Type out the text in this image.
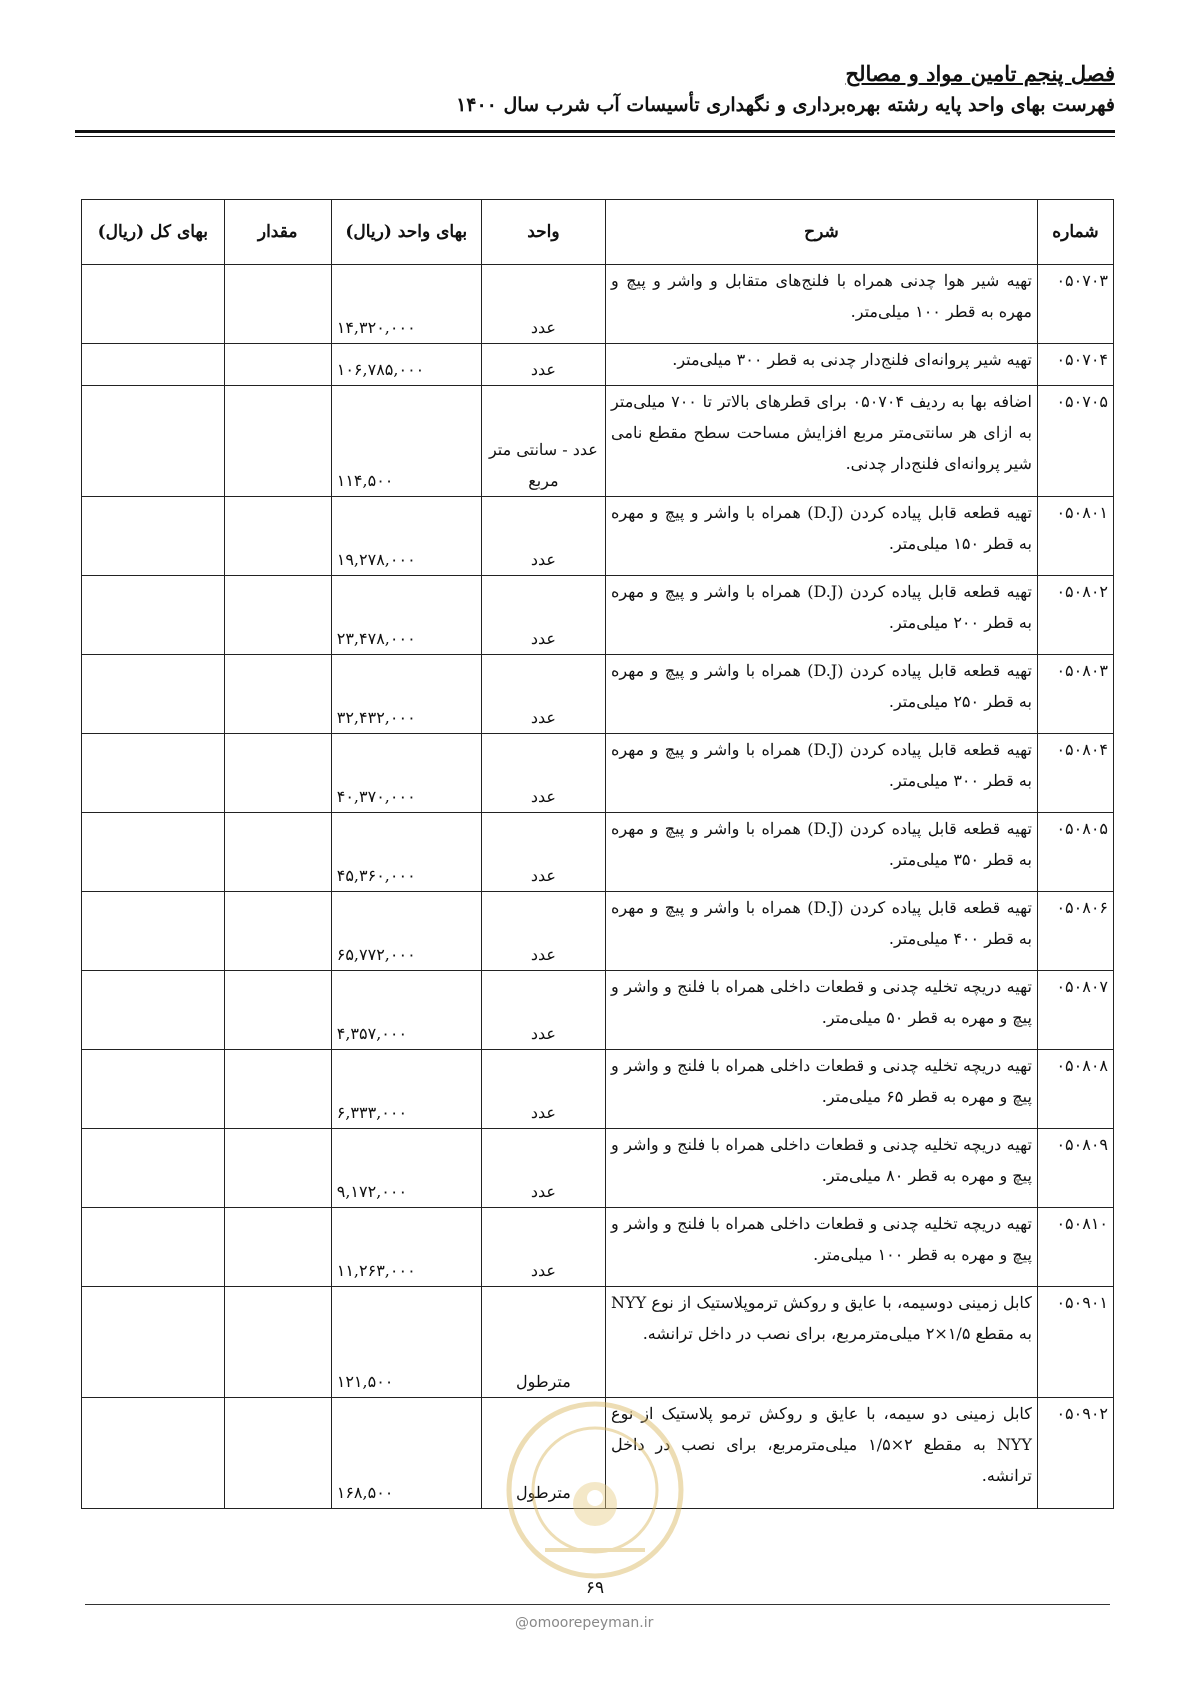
فصل پنجم تامین مواد و مصالح
فهرست بهای واحد پایه رشته بهره‌برداری و نگهداری تأسیسات آب شرب سال ۱۴۰۰
شماره	شرح	واحد	بهای واحد (ریال)	مقدار	بهای کل (ریال)
۰۵۰۷۰۳	تهیه شیر هوا چدنی همراه با فلنج‌های متقابل و واشر و پیچ و مهره به قطر ۱۰۰ میلی‌متر.	عدد	۱۴,۳۲۰,۰۰۰		
۰۵۰۷۰۴	تهیه شیر پروانه‌ای فلنج‌دار چدنی به قطر ۳۰۰ میلی‌متر.	عدد	۱۰۶,۷۸۵,۰۰۰		
۰۵۰۷۰۵	اضافه بها به ردیف ۰۵۰۷۰۴ برای قطرهای بالاتر تا ۷۰۰ میلی‌متر به ازای هر سانتی‌متر مربع افزایش مساحت سطح مقطع نامی شیر پروانه‌ای فلنج‌دار چدنی.	عدد - سانتی متر مربع	۱۱۴,۵۰۰		
۰۵۰۸۰۱	تهیه قطعه قابل پیاده کردن (D.J) همراه با واشر و پیچ و مهره به قطر ۱۵۰ میلی‌متر.	عدد	۱۹,۲۷۸,۰۰۰		
۰۵۰۸۰۲	تهیه قطعه قابل پیاده کردن (D.J) همراه با واشر و پیچ و مهره به قطر ۲۰۰ میلی‌متر.	عدد	۲۳,۴۷۸,۰۰۰		
۰۵۰۸۰۳	تهیه قطعه قابل پیاده کردن (D.J) همراه با واشر و پیچ و مهره به قطر ۲۵۰ میلی‌متر.	عدد	۳۲,۴۳۲,۰۰۰		
۰۵۰۸۰۴	تهیه قطعه قابل پیاده کردن (D.J) همراه با واشر و پیچ و مهره به قطر ۳۰۰ میلی‌متر.	عدد	۴۰,۳۷۰,۰۰۰		
۰۵۰۸۰۵	تهیه قطعه قابل پیاده کردن (D.J) همراه با واشر و پیچ و مهره به قطر ۳۵۰ میلی‌متر.	عدد	۴۵,۳۶۰,۰۰۰		
۰۵۰۸۰۶	تهیه قطعه قابل پیاده کردن (D.J) همراه با واشر و پیچ و مهره به قطر ۴۰۰ میلی‌متر.	عدد	۶۵,۷۷۲,۰۰۰		
۰۵۰۸۰۷	تهیه دریچه تخلیه چدنی و قطعات داخلی همراه با فلنج و واشر و پیچ و مهره به قطر ۵۰ میلی‌متر.	عدد	۴,۳۵۷,۰۰۰		
۰۵۰۸۰۸	تهیه دریچه تخلیه چدنی و قطعات داخلی همراه با فلنج و واشر و پیچ و مهره به قطر ۶۵ میلی‌متر.	عدد	۶,۳۳۳,۰۰۰		
۰۵۰۸۰۹	تهیه دریچه تخلیه چدنی و قطعات داخلی همراه با فلنج و واشر و پیچ و مهره به قطر ۸۰ میلی‌متر.	عدد	۹,۱۷۲,۰۰۰		
۰۵۰۸۱۰	تهیه دریچه تخلیه چدنی و قطعات داخلی همراه با فلنج و واشر و پیچ و مهره به قطر ۱۰۰ میلی‌متر.	عدد	۱۱,۲۶۳,۰۰۰		
۰۵۰۹۰۱	کابل زمینی دوسیمه، با عایق و روکش ترموپلاستیک از نوع NYY به مقطع ۱/۵×۲ میلی‌مترمربع، برای نصب در داخل ترانشه.	مترطول	۱۲۱,۵۰۰		
۰۵۰۹۰۲	کابل زمینی دو سیمه، با عایق و روکش ترمو پلاستیک از نوع NYY به مقطع ۲×۱/۵ میلی‌مترمربع، برای نصب در داخل ترانشه.	مترطول	۱۶۸,۵۰۰		
۶۹
@omoorepeyman.ir
